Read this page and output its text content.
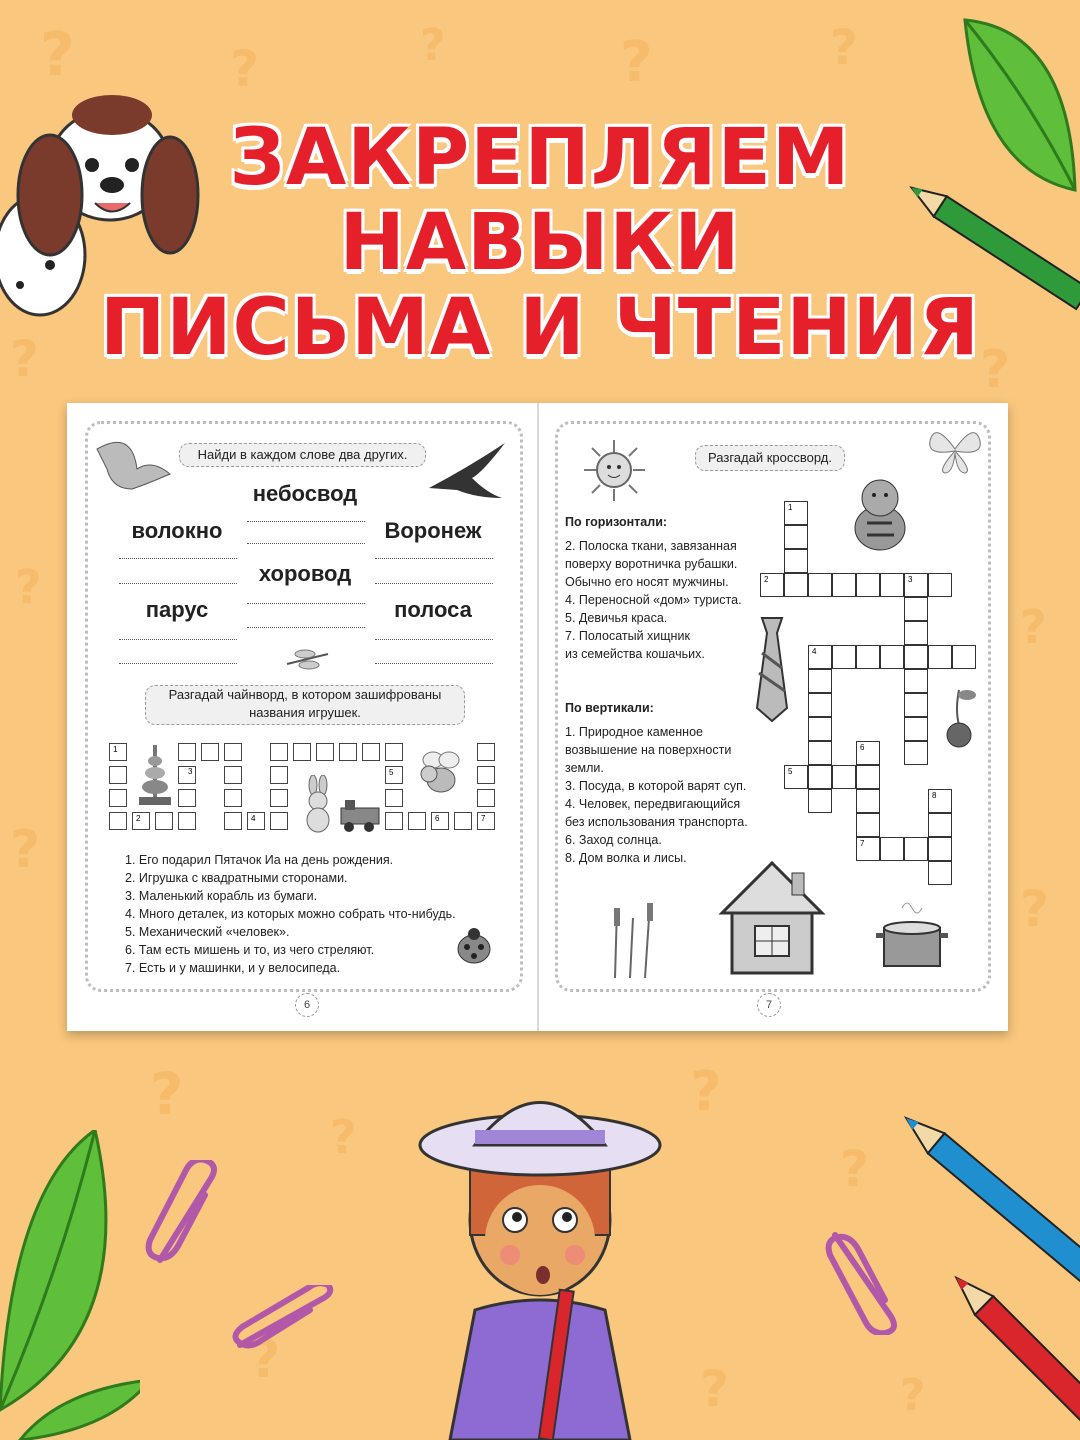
?	?	?	?	?
?	?
?
?
?
?
?
?
?
?
?	?	?
ЗАКРЕПЛЯЕМ
НАВЫКИ
ПИСЬМА И ЧТЕНИЯ
Найди в каждом слове два других.
небосвод
волокно	Воронеж
хоровод
парус	полоса
Разгадай чайнворд, в котором зашифрованы
названия игрушек.
1
2
3
4
5
6	7
1. Его подарил Пятачок Иа на день рождения.
2. Игрушка с квадратными сторонами.
3. Маленький корабль из бумаги.
4. Много деталек, из которых можно собрать что-нибудь.
5. Механический «человек».
6. Там есть мишень и то, из чего стреляют.
7. Есть и у машинки, и у велосипеда.
6
Разгадай кроссворд.
По горизонтали:
2. Полоска ткани, завязанная
поверху воротничка рубашки.
Обычно его носят мужчины.
4. Переносной «дом» туриста.
5. Девичья краса.
7. Полосатый хищник
из семейства кошачьих.
По вертикали:
1. Природное каменное
возвышение на поверхности
земли.
3. Посуда, в которой варят суп.
4. Человек, передвигающийся
без использования транспорта.
6. Заход солнца.
8. Дом волка и лисы.
1
2	3
4
5
6
7
8
7
